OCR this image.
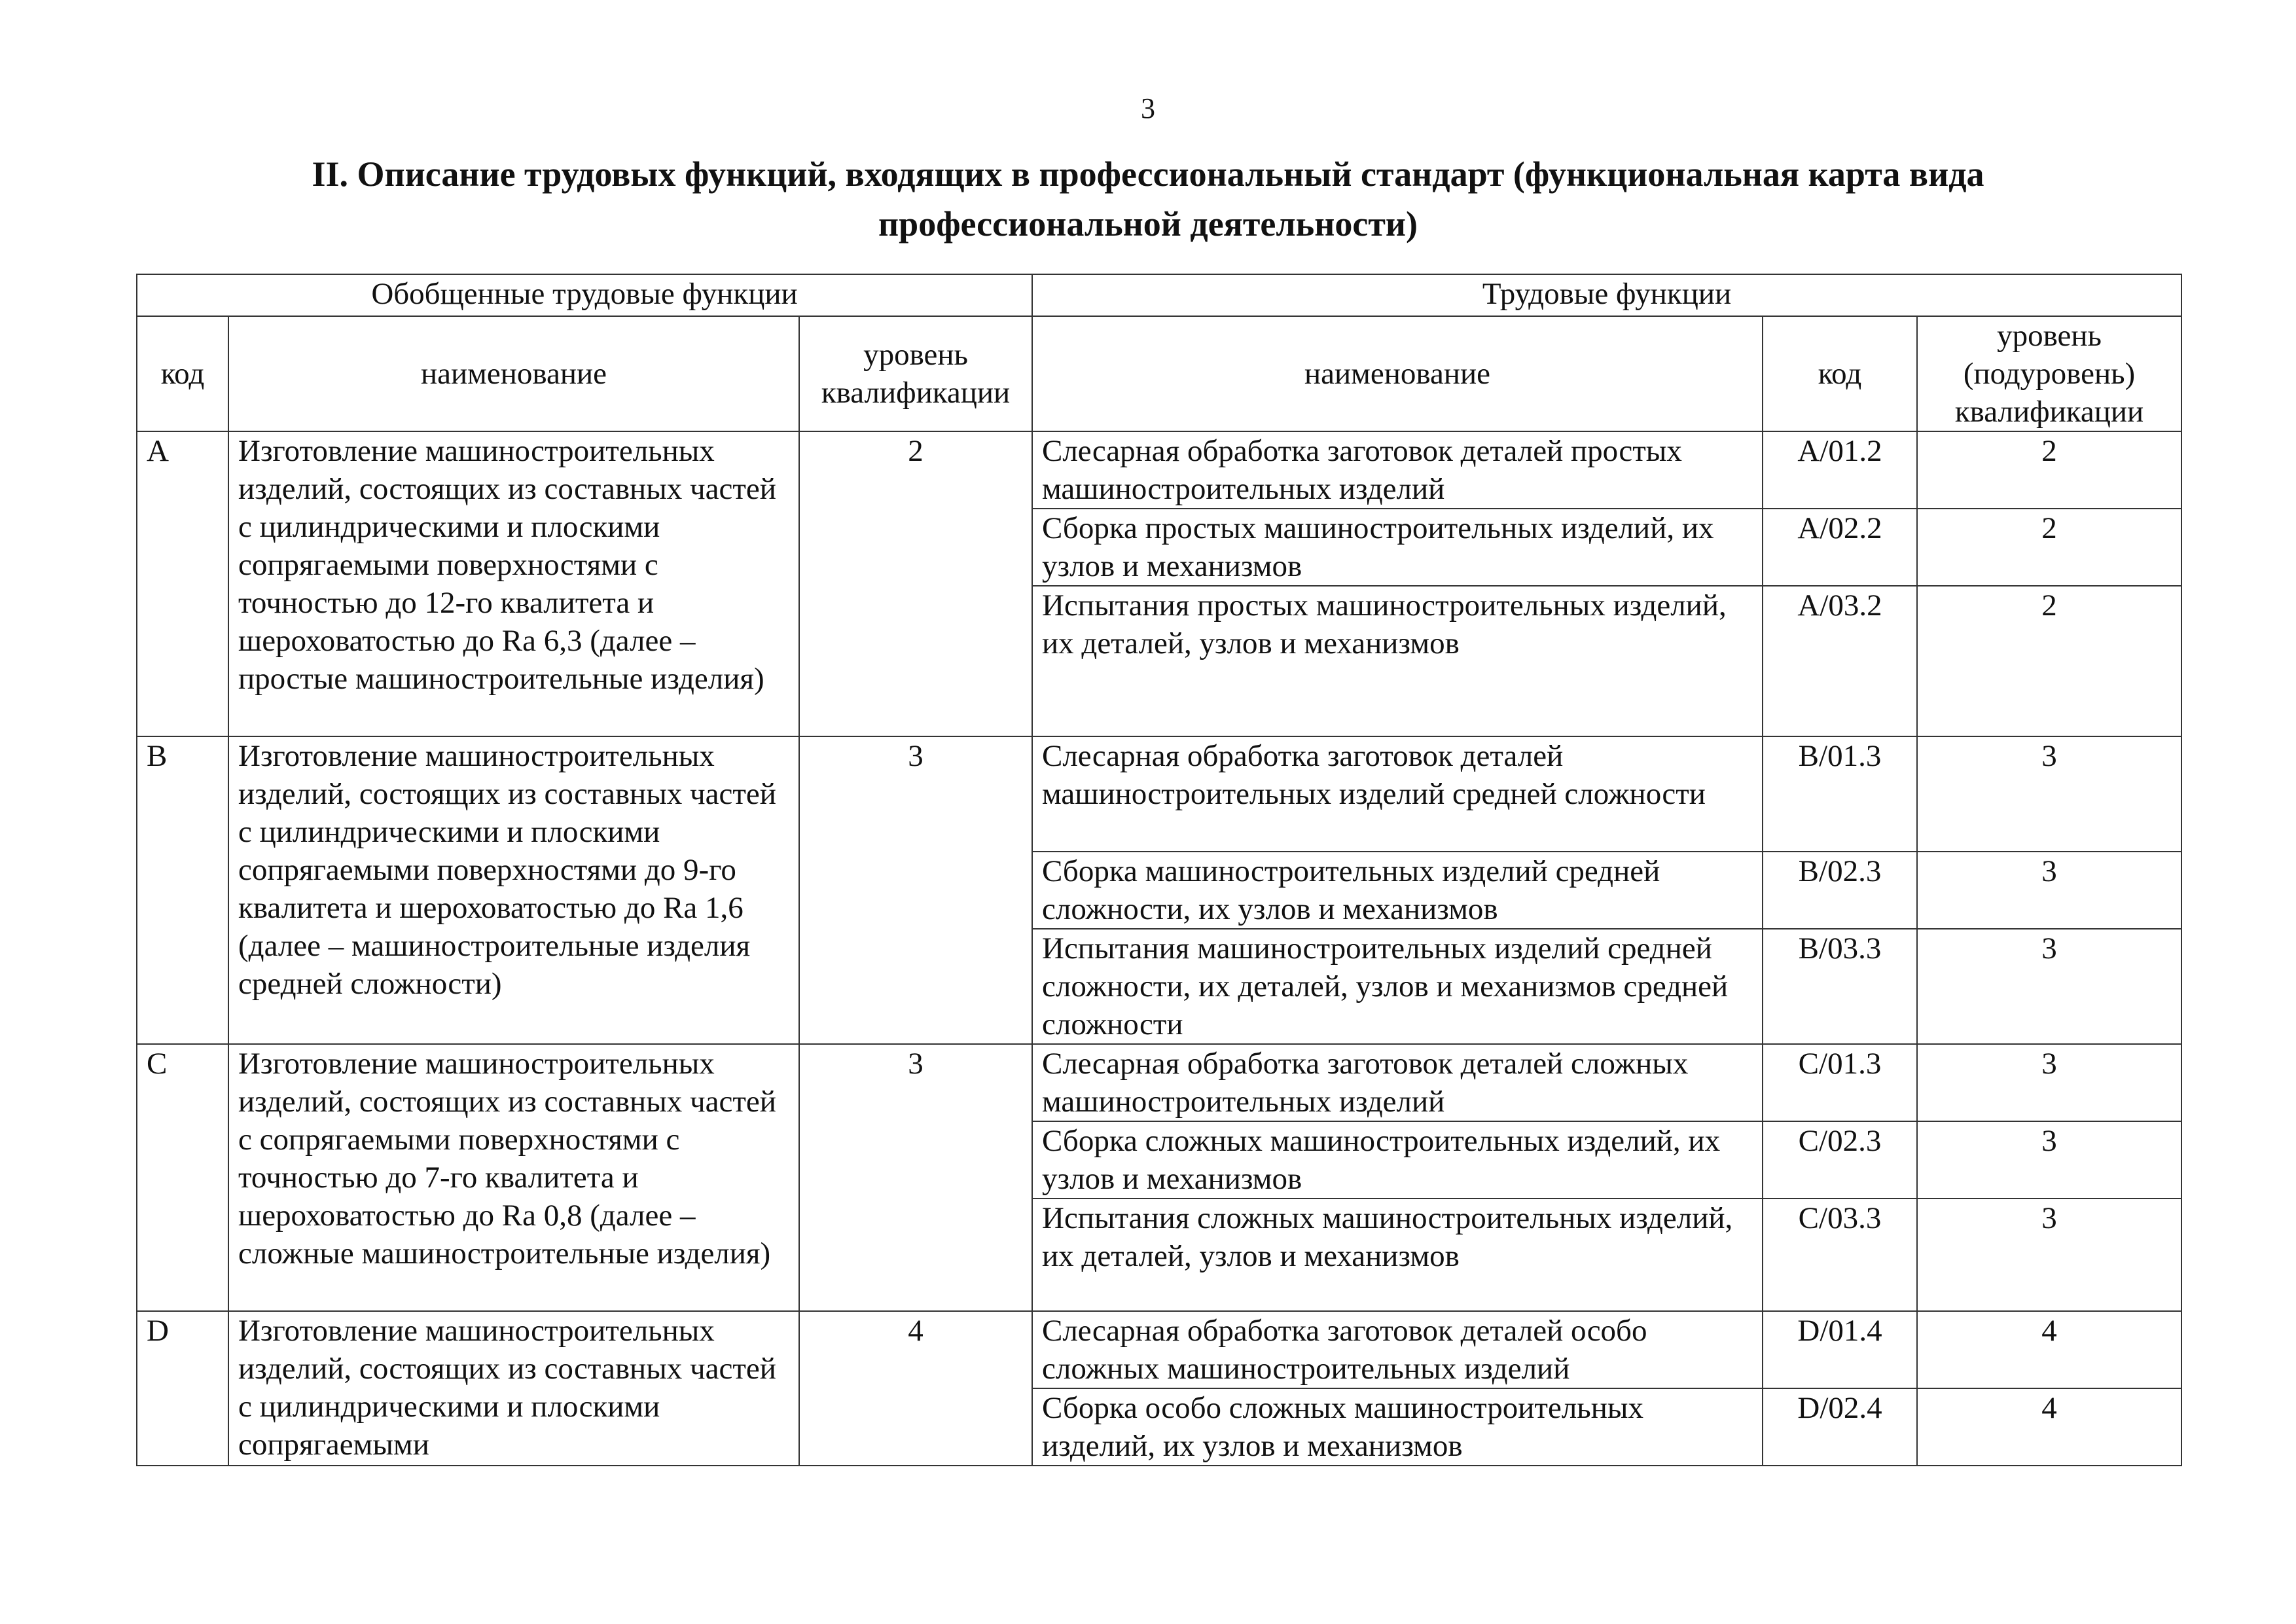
3
II. Описание трудовых функций, входящих в профессиональный стандарт (функциональная карта вида
профессиональной деятельности)
Обобщенные трудовые функции			Трудовые функции		
код	наименование	уровень квалификации	наименование	код	уровень (подуровень) квалификации
A	Изготовление машиностроительных изделий, состоящих из составных частей с цилиндрическими и плоскими сопрягаемыми поверхностями с точностью до 12-го квалитета и шероховатостью до Ra 6,3 (далее – простые машиностроительные изделия)	2	Слесарная обработка заготовок деталей простых машиностроительных изделий	A/01.2	2
			Сборка простых машиностроительных изделий, их узлов и механизмов	A/02.2	2
			Испытания простых машиностроительных изделий, их деталей, узлов и механизмов	A/03.2	2
B	Изготовление машиностроительных изделий, состоящих из составных частей с цилиндрическими и плоскими сопрягаемыми поверхностями до 9-го квалитета и шероховатостью до Ra 1,6 (далее – машиностроительные изделия средней сложности)	3	Слесарная обработка заготовок деталей машиностроительных изделий средней сложности	B/01.3	3
			Сборка машиностроительных изделий средней сложности, их узлов и механизмов	B/02.3	3
			Испытания машиностроительных изделий средней сложности, их деталей, узлов и механизмов средней сложности	B/03.3	3
C	Изготовление машиностроительных изделий, состоящих из составных частей с сопрягаемыми поверхностями с точностью до 7-го квалитета и шероховатостью до Ra 0,8 (далее – сложные машиностроительные изделия)	3	Слесарная обработка заготовок деталей сложных машиностроительных изделий	C/01.3	3
			Сборка сложных машиностроительных изделий, их узлов и механизмов	C/02.3	3
			Испытания сложных машиностроительных изделий, их деталей, узлов и механизмов	C/03.3	3
D	Изготовление машиностроительных изделий, состоящих из составных частей с цилиндрическими и плоскими сопрягаемыми	4	Слесарная обработка заготовок деталей особо сложных машиностроительных изделий	D/01.4	4
			Сборка особо сложных машиностроительных изделий, их узлов и механизмов	D/02.4	4
